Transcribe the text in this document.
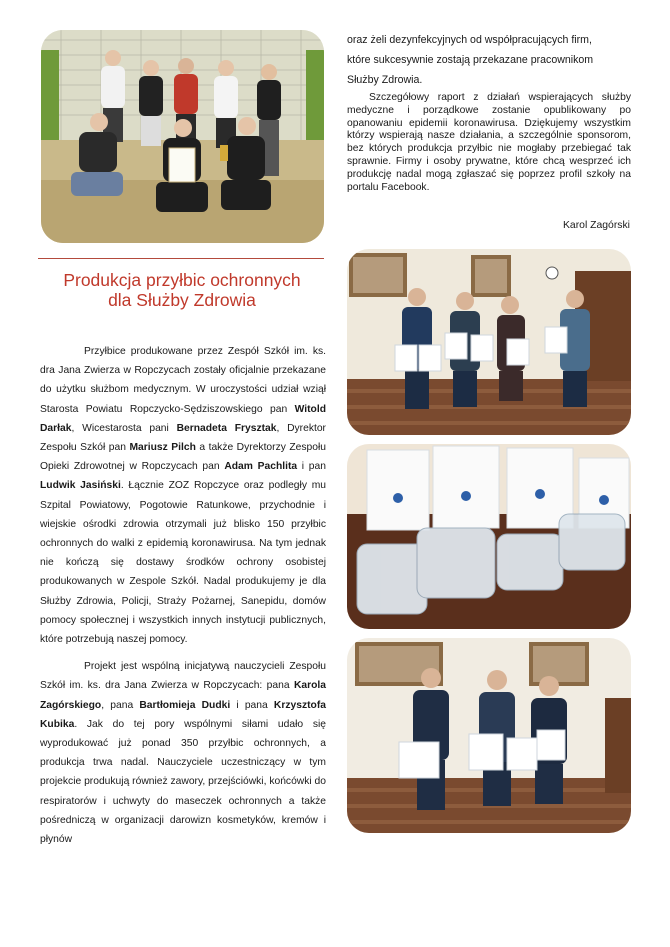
oraz żeli dezynfekcyjnych od współpracujących firm,

które sukcesywnie zostają przekazane pracownikom

Służby Zdrowia.

Szczegółowy raport z działań wspierających służby medyczne i porządkowe zostanie opublikowany po opanowaniu epidemii koronawirusa. Dziękujemy wszystkim którzy wspierają nasze działania, a szczególnie sponsorom, bez których produkcja przyłbic nie mogłaby przebiegać tak sprawnie. Firmy i osoby prywatne, które chcą wesprzeć ich produkcję nadal mogą zgłaszać się poprzez profil szkoły na portalu Facebook.

Karol Zagórski
Produkcja przyłbic ochronnych
dla Służby Zdrowia

Przyłbice produkowane przez Zespół Szkół im. ks. dra Jana Zwierza w Ropczycach zostały oficjalnie przekazane do użytku służbom medycznym. W uroczystości udział wziął Starosta Powiatu Ropczycko-Sędziszowskiego pan Witold Darłak, Wicestarosta pani Bernadeta Frysztak, Dyrektor Zespołu Szkół pan Mariusz Pilch a także Dyrektorzy Zespołu Opieki Zdrowotnej w Ropczycach pan Adam Pachlita i pan Ludwik Jasiński. Łącznie ZOZ Ropczyce oraz podległy mu Szpital Powiatowy, Pogotowie Ratunkowe, przychodnie i wiejskie ośrodki zdrowia otrzymali już blisko 150 przyłbic ochronnych do walki z epidemią koronawirusa. Na tym jednak nie kończą się dostawy środków ochrony osobistej produkowanych w Zespole Szkół. Nadal produkujemy je dla Służby Zdrowia, Policji, Straży Pożarnej, Sanepidu, domów pomocy społecznej i wszystkich innych instytucji publicznych, które potrzebują naszej pomocy.

Projekt jest wspólną inicjatywą nauczycieli Zespołu Szkół im. ks. dra Jana Zwierza w Ropczycach: pana Karola Zagórskiego, pana Bartłomieja Dudki i pana Krzysztofa Kubika. Jak do tej pory wspólnymi siłami udało się wyprodukować już ponad 350 przyłbic ochronnych, a produkcja trwa nadal. Nauczyciele uczestniczący w tym projekcie produkują również zawory, przejściówki, końcówki do respiratorów i uchwyty do maseczek ochronnych a także pośredniczą w organizacji darowizn kosmetyków, kremów i płynów
